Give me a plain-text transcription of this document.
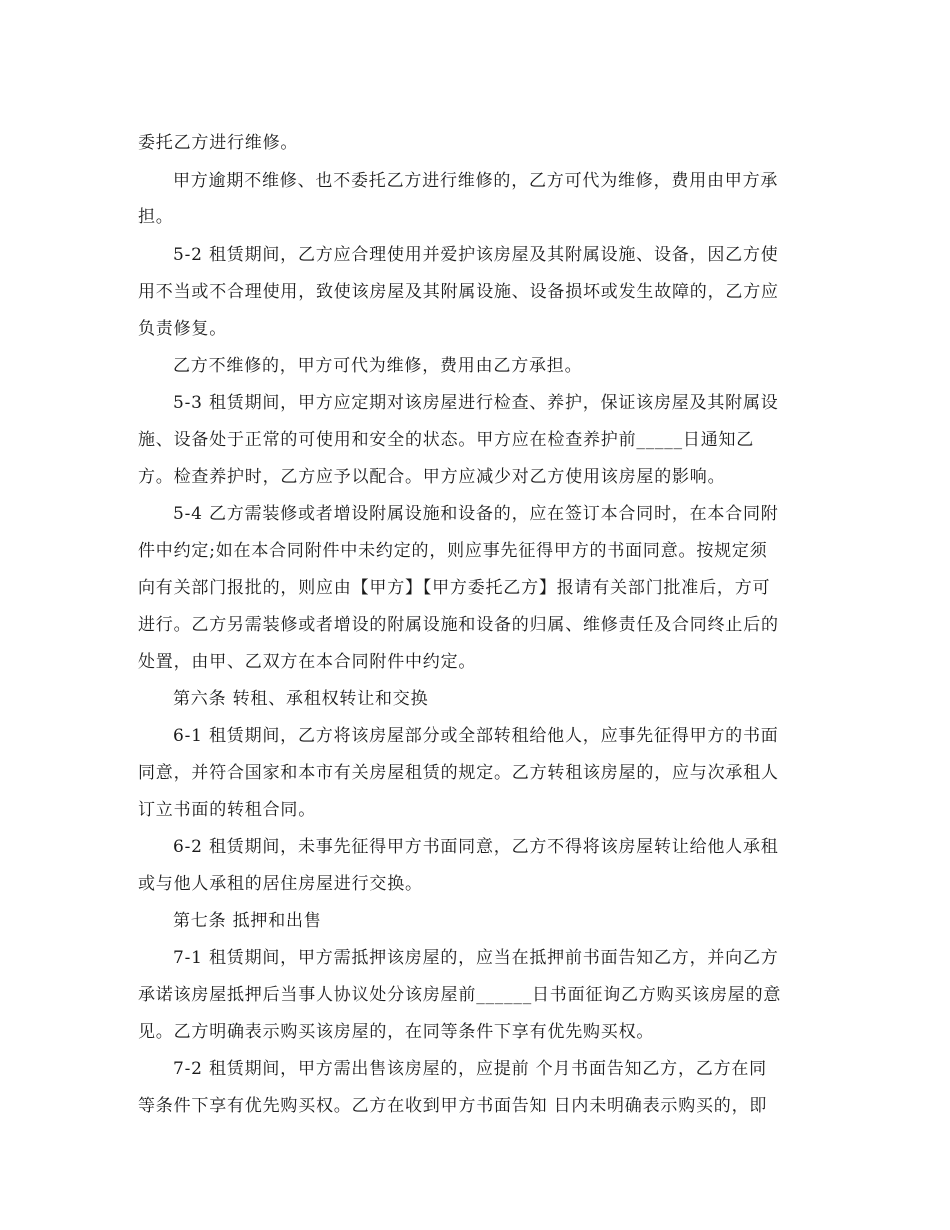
委托乙方进行维修。
甲方逾期不维修、也不委托乙方进行维修的，乙方可代为维修，费用由甲方承
担。
5-2 租赁期间，乙方应合理使用并爱护该房屋及其附属设施、设备，因乙方使
用不当或不合理使用，致使该房屋及其附属设施、设备损坏或发生故障的，乙方应
负责修复。
乙方不维修的，甲方可代为维修，费用由乙方承担。
5-3 租赁期间，甲方应定期对该房屋进行检查、养护，保证该房屋及其附属设
施、设备处于正常的可使用和安全的状态。甲方应在检查养护前_____日通知乙
方。检查养护时，乙方应予以配合。甲方应减少对乙方使用该房屋的影响。
5-4 乙方需装修或者增设附属设施和设备的，应在签订本合同时，在本合同附
件中约定;如在本合同附件中未约定的，则应事先征得甲方的书面同意。按规定须
向有关部门报批的，则应由【甲方】【甲方委托乙方】报请有关部门批准后，方可
进行。乙方另需装修或者增设的附属设施和设备的归属、维修责任及合同终止后的
处置，由甲、乙双方在本合同附件中约定。
第六条 转租、承租权转让和交换
6-1 租赁期间，乙方将该房屋部分或全部转租给他人，应事先征得甲方的书面
同意，并符合国家和本市有关房屋租赁的规定。乙方转租该房屋的，应与次承租人
订立书面的转租合同。
6-2 租赁期间，未事先征得甲方书面同意，乙方不得将该房屋转让给他人承租
或与他人承租的居住房屋进行交换。
第七条 抵押和出售
7-1 租赁期间，甲方需抵押该房屋的，应当在抵押前书面告知乙方，并向乙方
承诺该房屋抵押后当事人协议处分该房屋前______日书面征询乙方购买该房屋的意
见。乙方明确表示购买该房屋的，在同等条件下享有优先购买权。
7-2 租赁期间，甲方需出售该房屋的，应提前 个月书面告知乙方，乙方在同
等条件下享有优先购买权。乙方在收到甲方书面告知 日内未明确表示购买的，即
